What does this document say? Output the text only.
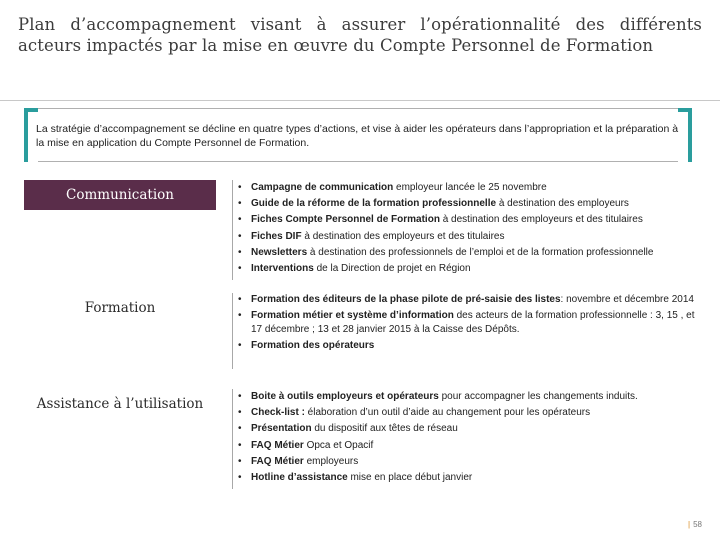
Plan d’accompagnement visant à assurer l’opérationnalité des différents acteurs impactés par la mise en œuvre du Compte Personnel de Formation
La stratégie d’accompagnement se décline en quatre types d’actions, et vise à aider les opérateurs dans l’appropriation et la préparation à la mise en application du Compte Personnel de Formation.
Communication	• Campagne de communication employeur lancée le 25 novembre
• Guide de la réforme de la formation professionnelle à destination des employeurs
• Fiches Compte Personnel de Formation à destination des employeurs et des titulaires
• Fiches DIF à destination des employeurs et des titulaires
• Newsletters à destination des professionnels de l’emploi et de la formation professionnelle
• Interventions de la Direction de projet en Région
Formation
• Formation des éditeurs de la phase pilote de pré-saisie des listes: novembre et décembre 2014
• Formation métier et système d’information des acteurs de la formation professionnelle : 3, 15 , et 17 décembre ; 13 et 28 janvier 2015 à la Caisse des Dépôts.
• Formation des opérateurs
Assistance à l’utilisation	• Boite à outils employeurs et opérateurs pour accompagner les changements induits.
• Check-list : élaboration d’un outil d’aide au changement pour les opérateurs
• Présentation du dispositif aux têtes de réseau
• FAQ Métier Opca et Opacif
• FAQ Métier employeurs
• Hotline d’assistance mise en place début janvier
| 58
